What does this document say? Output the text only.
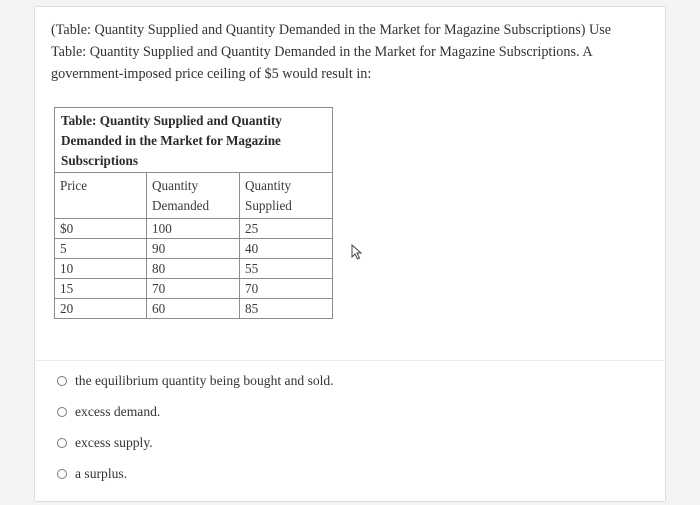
(Table: Quantity Supplied and Quantity Demanded in the Market for Magazine Subscriptions) Use Table: Quantity Supplied and Quantity Demanded in the Market for Magazine Subscriptions. A government-imposed price ceiling of $5 would result in:

Table: Quantity Supplied and Quantity Demanded in the Market for Magazine Subscriptions
Price	Quantity Demanded	Quantity Supplied
$0	100	25
5	90	40
10	80	55
15	70	70
20	60	85
the equilibrium quantity being bought and sold.
excess demand.
excess supply.
a surplus.
